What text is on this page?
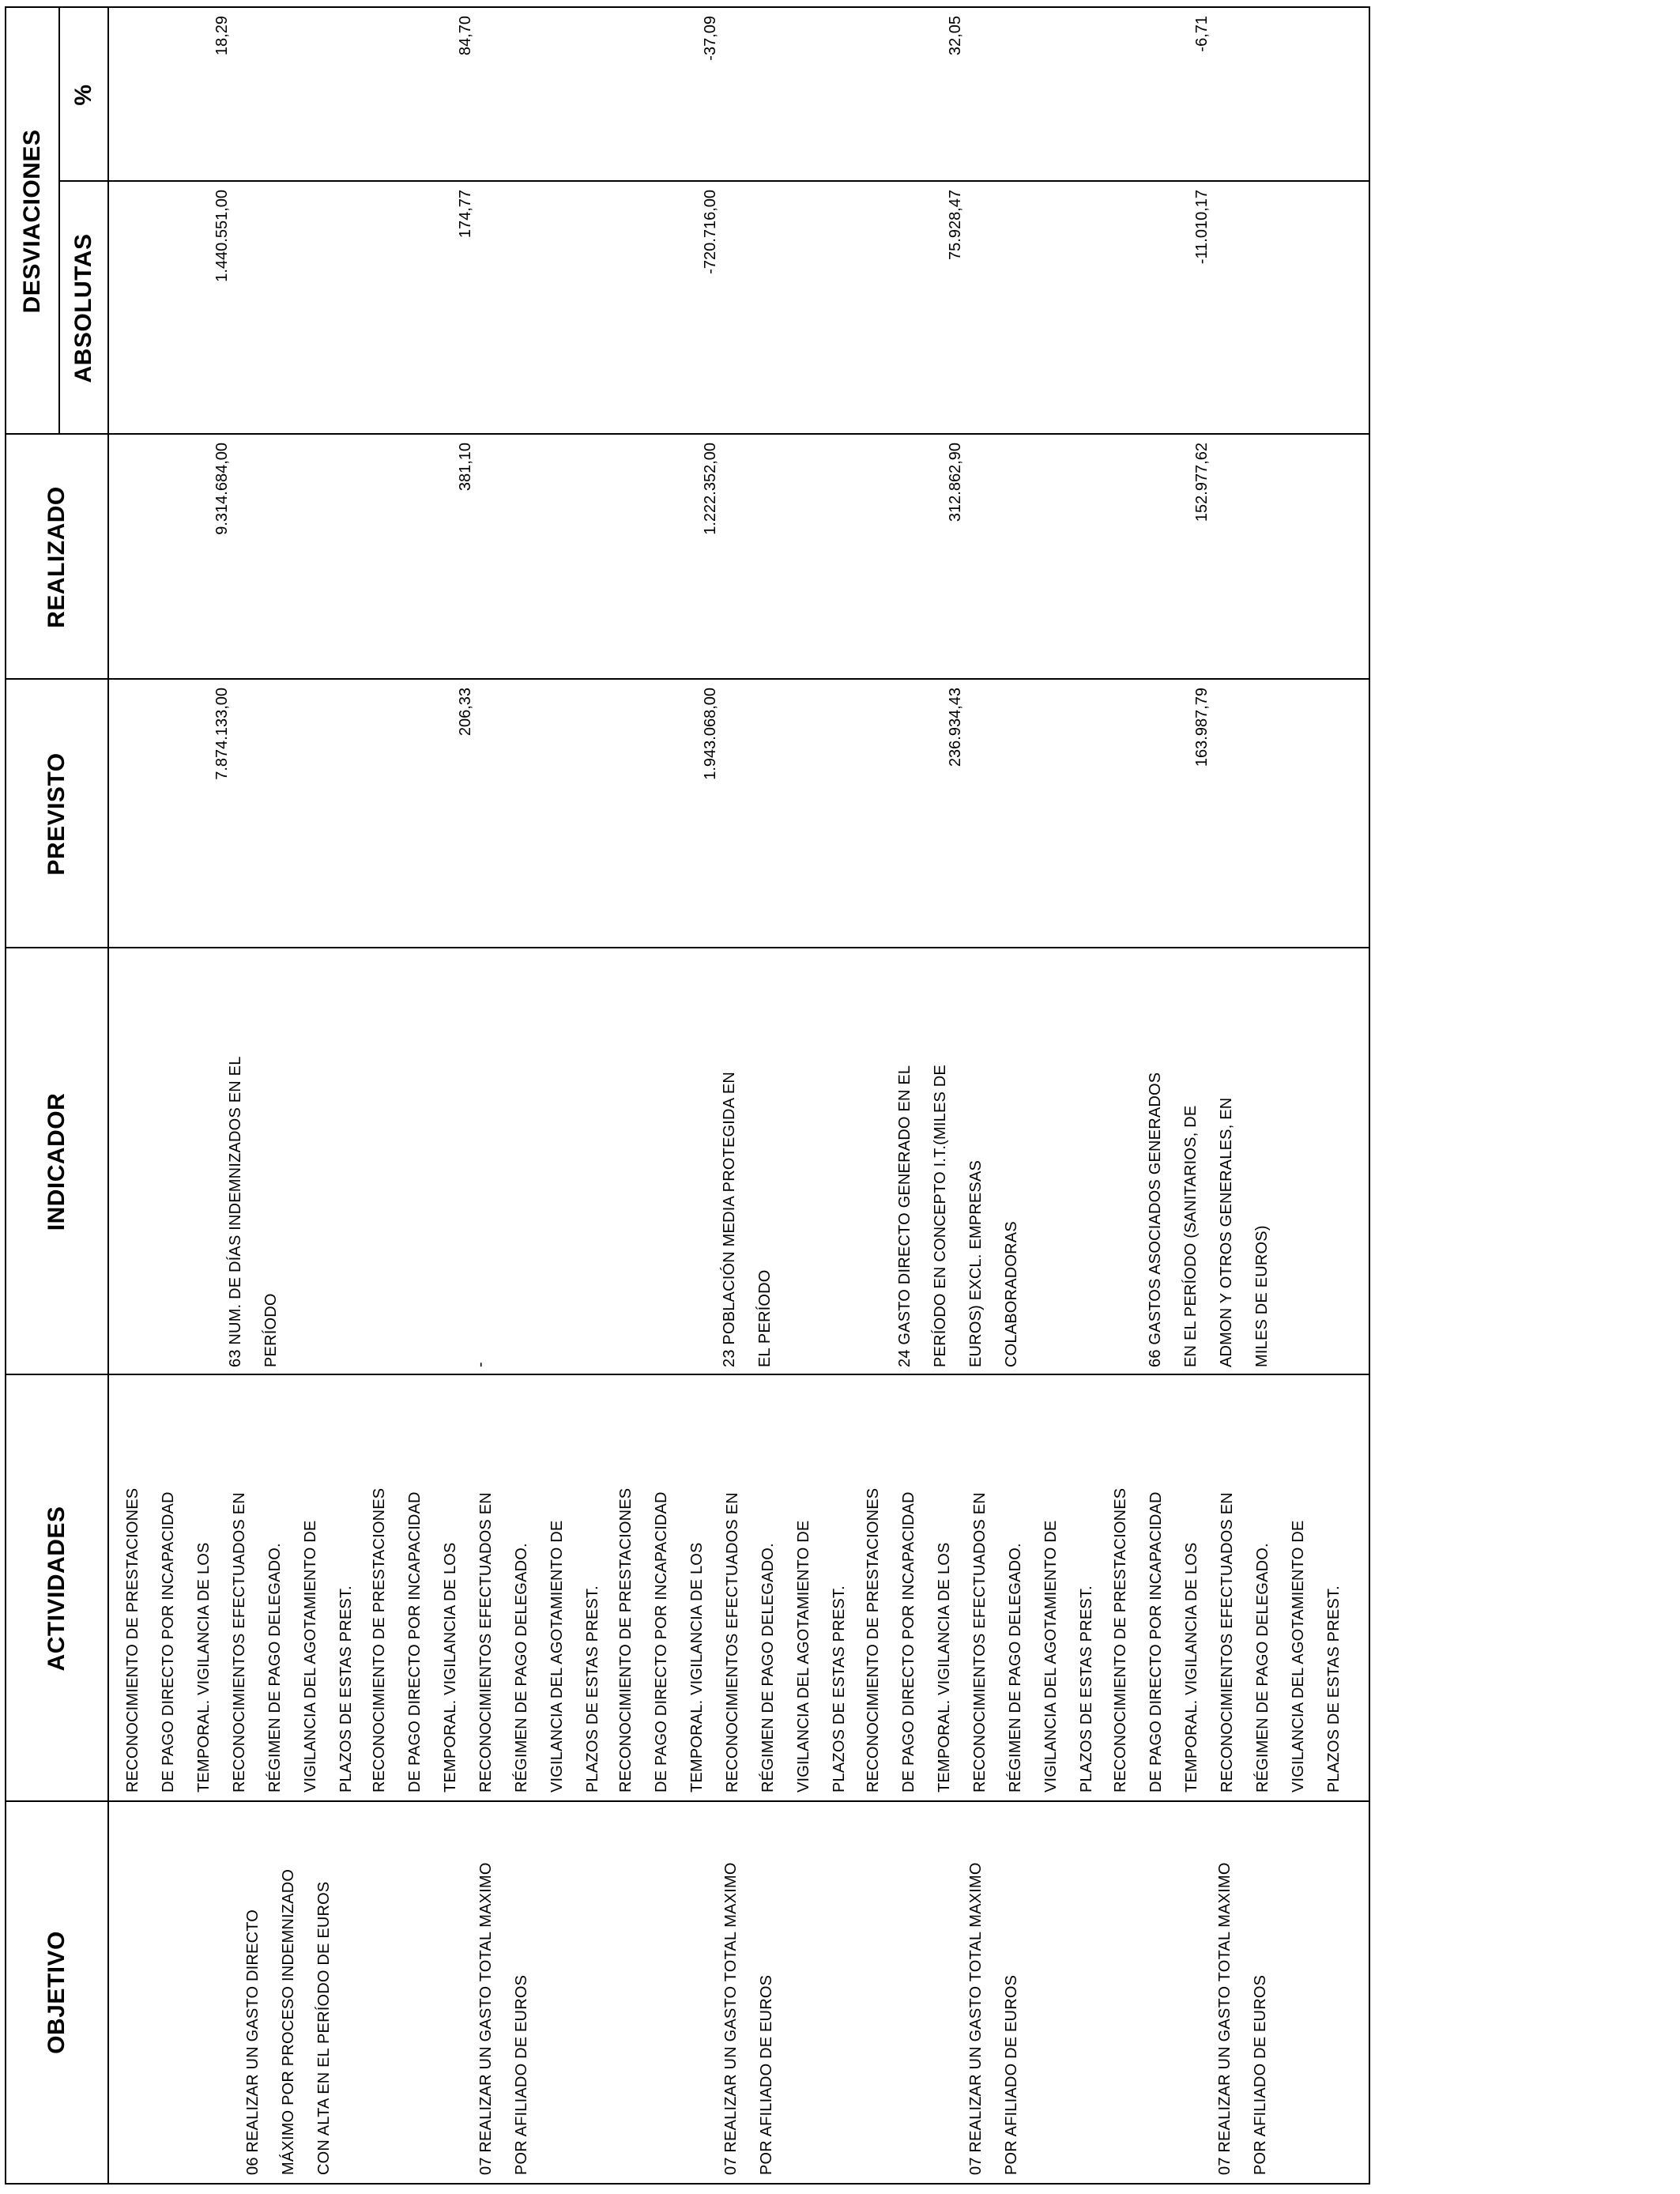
OBJETIVO
ACTIVIDADES
INDICADOR
PREVISTO
REALIZADO
DESVIACIONES	ABSOLUTAS
%
06 REALIZAR UN GASTO DIRECTO
MÁXIMO POR PROCESO INDEMNIZADO
CON ALTA EN EL PERÍODO DE EUROS
RECONOCIMIENTO DE PRESTACIONES
DE PAGO DIRECTO POR INCAPACIDAD
TEMPORAL. VIGILANCIA DE LOS
RECONOCIMIENTOS EFECTUADOS EN
RÉGIMEN DE PAGO DELEGADO.
VIGILANCIA DEL AGOTAMIENTO DE
PLAZOS DE ESTAS PREST.
63 NUM. DE DÍAS INDEMNIZADOS EN EL
PERÍODO
7.874.133,00
9.314.684,00
1.440.551,00
18,29
07 REALIZAR UN GASTO TOTAL MAXIMO
POR AFILIADO DE EUROS
RECONOCIMIENTO DE PRESTACIONES
DE PAGO DIRECTO POR INCAPACIDAD
TEMPORAL. VIGILANCIA DE LOS
RECONOCIMIENTOS EFECTUADOS EN
RÉGIMEN DE PAGO DELEGADO.
VIGILANCIA DEL AGOTAMIENTO DE
PLAZOS DE ESTAS PREST.
-
206,33
381,10
174,77
84,70
07 REALIZAR UN GASTO TOTAL MAXIMO
POR AFILIADO DE EUROS
RECONOCIMIENTO DE PRESTACIONES
DE PAGO DIRECTO POR INCAPACIDAD
TEMPORAL. VIGILANCIA DE LOS
RECONOCIMIENTOS EFECTUADOS EN
RÉGIMEN DE PAGO DELEGADO.
VIGILANCIA DEL AGOTAMIENTO DE
PLAZOS DE ESTAS PREST.
23 POBLACIÓN MEDIA PROTEGIDA EN
EL PERÍODO
1.943.068,00
1.222.352,00
-720.716,00
-37,09
07 REALIZAR UN GASTO TOTAL MAXIMO
POR AFILIADO DE EUROS
RECONOCIMIENTO DE PRESTACIONES
DE PAGO DIRECTO POR INCAPACIDAD
TEMPORAL. VIGILANCIA DE LOS
RECONOCIMIENTOS EFECTUADOS EN
RÉGIMEN DE PAGO DELEGADO.
VIGILANCIA DEL AGOTAMIENTO DE
PLAZOS DE ESTAS PREST.
24 GASTO DIRECTO GENERADO EN EL
PERÍODO EN CONCEPTO I.T.(MILES DE
EUROS) EXCL. EMPRESAS
COLABORADORAS
236.934,43
312.862,90
75.928,47
32,05
07 REALIZAR UN GASTO TOTAL MAXIMO
POR AFILIADO DE EUROS
RECONOCIMIENTO DE PRESTACIONES
DE PAGO DIRECTO POR INCAPACIDAD
TEMPORAL. VIGILANCIA DE LOS
RECONOCIMIENTOS EFECTUADOS EN
RÉGIMEN DE PAGO DELEGADO.
VIGILANCIA DEL AGOTAMIENTO DE
PLAZOS DE ESTAS PREST.
66 GASTOS ASOCIADOS GENERADOS
EN EL PERÍODO (SANITARIOS, DE
ADMON Y OTROS GENERALES, EN
MILES DE EUROS)
163.987,79
152.977,62
-11.010,17
-6,71
